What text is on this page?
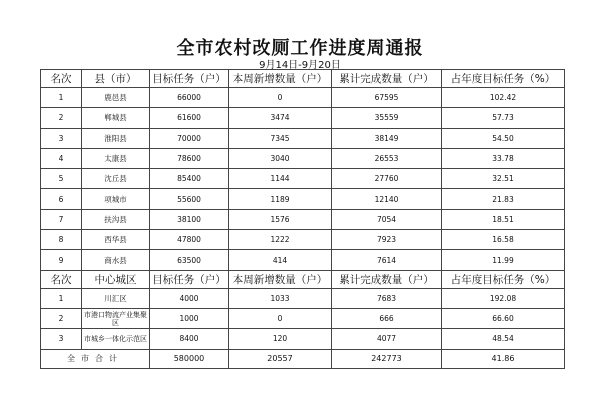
全市农村改厕工作进度周通报
9月14日-9月20日
名次	县（市）	目标任务（户）	本周新增数量（户）	累计完成数量（户）	占年度目标任务（%）
1	鹿邑县	66000	0	67595	102.42
2	郸城县	61600	3474	35559	57.73
3	淮阳县	70000	7345	38149	54.50
4	太康县	78600	3040	26553	33.78
5	沈丘县	85400	1144	27760	32.51
6	项城市	55600	1189	12140	21.83
7	扶沟县	38100	1576	7054	18.51
8	西华县	47800	1222	7923	16.58
9	商水县	63500	414	7614	11.99
名次	中心城区	目标任务（户）	本周新增数量（户）	累计完成数量（户）	占年度目标任务（%）
1	川汇区	4000	1033	7683	192.08
2	市港口物流产业集聚区	1000	0	666	66.60
3	市城乡一体化示范区	8400	120	4077	48.54
全市合计		580000	20557	242773	41.86
